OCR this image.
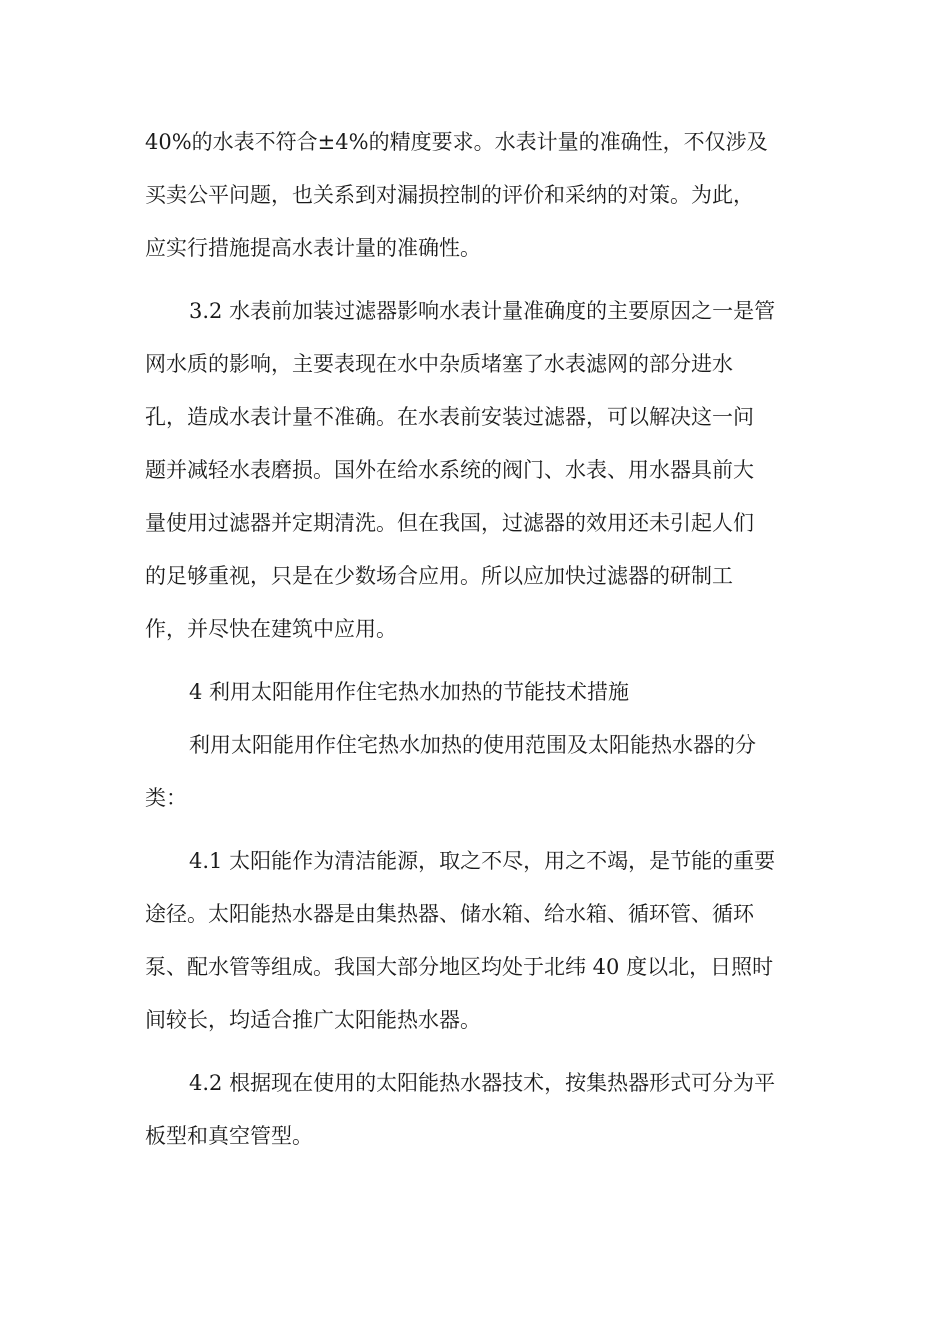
40%的水表不符合±4%的精度要求。水表计量的准确性，不仅涉及
买卖公平问题，也关系到对漏损控制的评价和采纳的对策。为此，
应实行措施提高水表计量的准确性。
3.2 水表前加装过滤器影响水表计量准确度的主要原因之一是管
网水质的影响，主要表现在水中杂质堵塞了水表滤网的部分进水
孔，造成水表计量不准确。在水表前安装过滤器，可以解决这一问
题并减轻水表磨损。国外在给水系统的阀门、水表、用水器具前大
量使用过滤器并定期清洗。但在我国，过滤器的效用还未引起人们
的足够重视，只是在少数场合应用。所以应加快过滤器的研制工
作，并尽快在建筑中应用。
4 利用太阳能用作住宅热水加热的节能技术措施
利用太阳能用作住宅热水加热的使用范围及太阳能热水器的分
类：
4.1 太阳能作为清洁能源，取之不尽，用之不竭，是节能的重要
途径。太阳能热水器是由集热器、储水箱、给水箱、循环管、循环
泵、配水管等组成。我国大部分地区均处于北纬 40 度以北，日照时
间较长，均适合推广太阳能热水器。
4.2 根据现在使用的太阳能热水器技术，按集热器形式可分为平
板型和真空管型。
